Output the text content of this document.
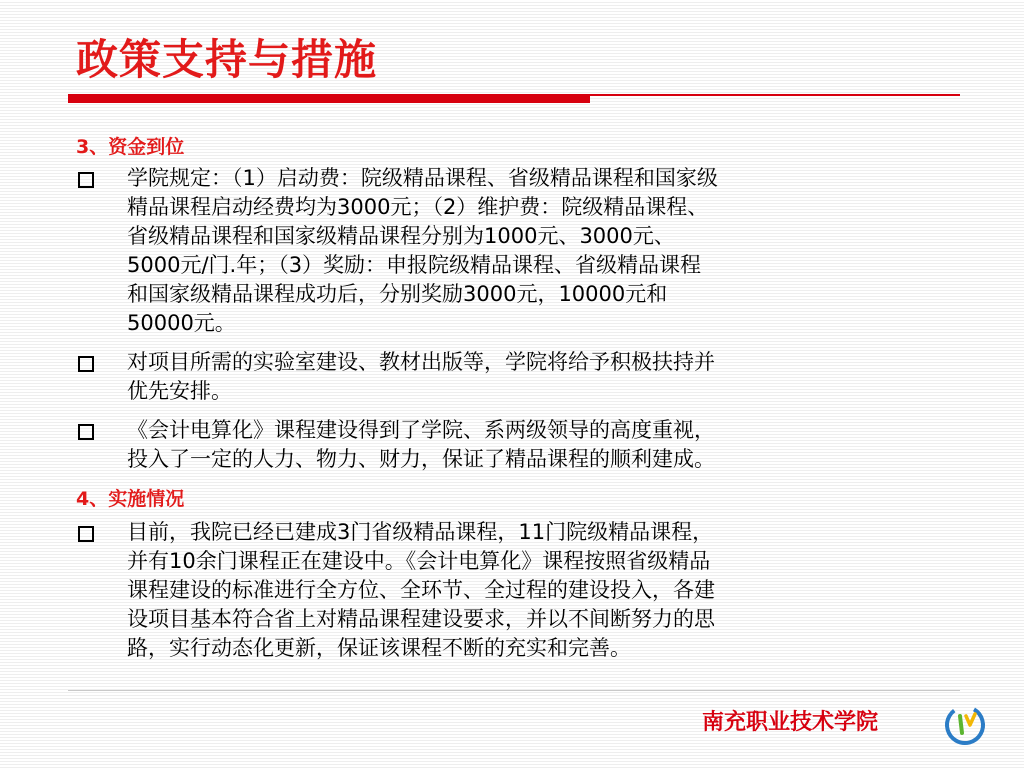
政策支持与措施
3、资金到位
学院规定：（1）启动费：院级精品课程、省级精品课程和国家级
精品课程启动经费均为3000元；（2）维护费：院级精品课程、
省级精品课程和国家级精品课程分别为1000元、3000元、
5000元/门.年；（3）奖励：申报院级精品课程、省级精品课程
和国家级精品课程成功后，分别奖励3000元，10000元和
50000元。
对项目所需的实验室建设、教材出版等，学院将给予积极扶持并
优先安排。
《会计电算化》课程建设得到了学院、系两级领导的高度重视，
投入了一定的人力、物力、财力，保证了精品课程的顺利建成。
4、实施情况
目前，我院已经已建成3门省级精品课程，11门院级精品课程，
并有10余门课程正在建设中。《会计电算化》课程按照省级精品
课程建设的标准进行全方位、全环节、全过程的建设投入，各建
设项目基本符合省上对精品课程建设要求，并以不间断努力的思
路，实行动态化更新，保证该课程不断的充实和完善。
南充职业技术学院
